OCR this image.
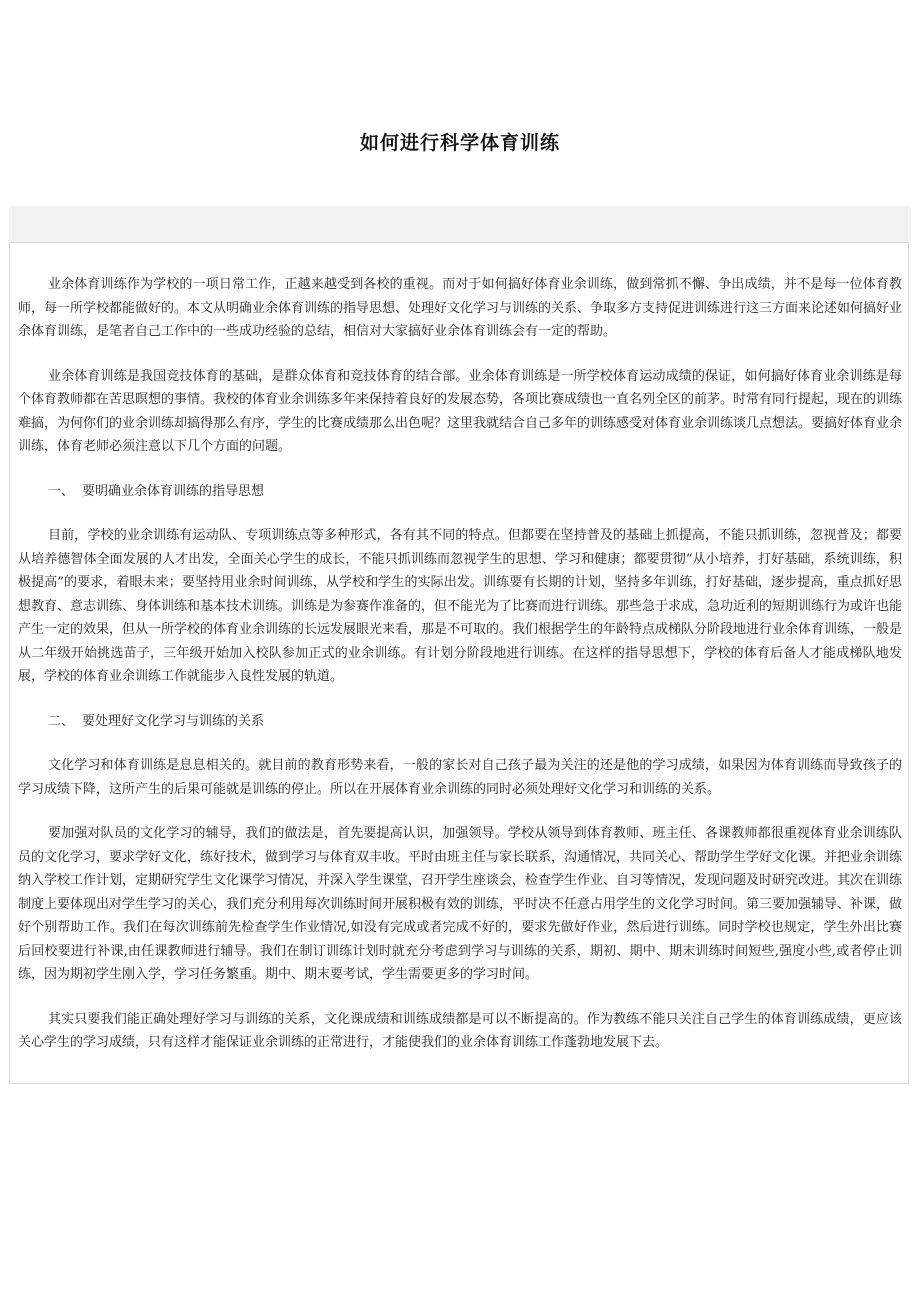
如何进行科学体育训练

业余体育训练作为学校的一项日常工作，正越来越受到各校的重视。而对于如何搞好体育业余训练，做到常抓不懈、争出成绩，并不是每一位体育教师，每一所学校都能做好的。本文从明确业余体育训练的指导思想、处理好文化学习与训练的关系、争取多方支持促进训练进行这三方面来论述如何搞好业余体育训练，是笔者自己工作中的一些成功经验的总结，相信对大家搞好业余体育训练会有一定的帮助。

业余体育训练是我国竞技体育的基础，是群众体育和竞技体育的结合部。业余体育训练是一所学校体育运动成绩的保证，如何搞好体育业余训练是每个体育教师都在苦思暝想的事情。我校的体育业余训练多年来保持着良好的发展态势，各项比赛成绩也一直名列全区的前茅。时常有同行提起，现在的训练难搞，为何你们的业余训练却搞得那么有序，学生的比赛成绩那么出色呢？这里我就结合自己多年的训练感受对体育业余训练谈几点想法。要搞好体育业余训练，体育老师必须注意以下几个方面的问题。

一、 要明确业余体育训练的指导思想

目前，学校的业余训练有运动队、专项训练点等多种形式，各有其不同的特点。但都要在坚持普及的基础上抓提高，不能只抓训练，忽视普及；都要从培养德智体全面发展的人才出发，全面关心学生的成长，不能只抓训练而忽视学生的思想、学习和健康；都要贯彻“从小培养，打好基础，系统训练，积极提高”的要求，着眼未来；要坚持用业余时间训练，从学校和学生的实际出发。训练要有长期的计划，坚持多年训练，打好基础，逐步提高，重点抓好思想教育、意志训练、身体训练和基本技术训练。训练是为参赛作准备的，但不能光为了比赛而进行训练。那些急于求成，急功近利的短期训练行为或许也能产生一定的效果，但从一所学校的体育业余训练的长远发展眼光来看，那是不可取的。我们根据学生的年龄特点成梯队分阶段地进行业余体育训练，一般是从二年级开始挑选苗子，三年级开始加入校队参加正式的业余训练。有计划分阶段地进行训练。在这样的指导思想下，学校的体育后备人才能成梯队地发展，学校的体育业余训练工作就能步入良性发展的轨道。

二、 要处理好文化学习与训练的关系

文化学习和体育训练是息息相关的。就目前的教育形势来看，一般的家长对自己孩子最为关注的还是他的学习成绩，如果因为体育训练而导致孩子的学习成绩下降，这所产生的后果可能就是训练的停止。所以在开展体育业余训练的同时必须处理好文化学习和训练的关系。

要加强对队员的文化学习的辅导，我们的做法是，首先要提高认识，加强领导。学校从领导到体育教师、班主任、各课教师都很重视体育业余训练队员的文化学习，要求学好文化，练好技术，做到学习与体育双丰收。平时由班主任与家长联系，沟通情况，共同关心、帮助学生学好文化课。并把业余训练纳入学校工作计划，定期研究学生文化课学习情况，并深入学生课堂，召开学生座谈会，检查学生作业、自习等情况，发现问题及时研究改进。其次在训练制度上要体现出对学生学习的关心，我们充分利用每次训练时间开展积极有效的训练，平时决不任意占用学生的文化学习时间。第三要加强辅导、补课，做好个别帮助工作。我们在每次训练前先检查学生作业情况,如没有完成或者完成不好的，要求先做好作业，然后进行训练。同时学校也规定，学生外出比赛后回校要进行补课,由任课教师进行辅导。我们在制订训练计划时就充分考虑到学习与训练的关系，期初、期中、期末训练时间短些,强度小些,或者停止训练，因为期初学生刚入学，学习任务繁重。期中、期末要考试，学生需要更多的学习时间。

其实只要我们能正确处理好学习与训练的关系，文化课成绩和训练成绩都是可以不断提高的。作为教练不能只关注自己学生的体育训练成绩，更应该关心学生的学习成绩，只有这样才能保证业余训练的正常进行，才能使我们的业余体育训练工作蓬勃地发展下去。
